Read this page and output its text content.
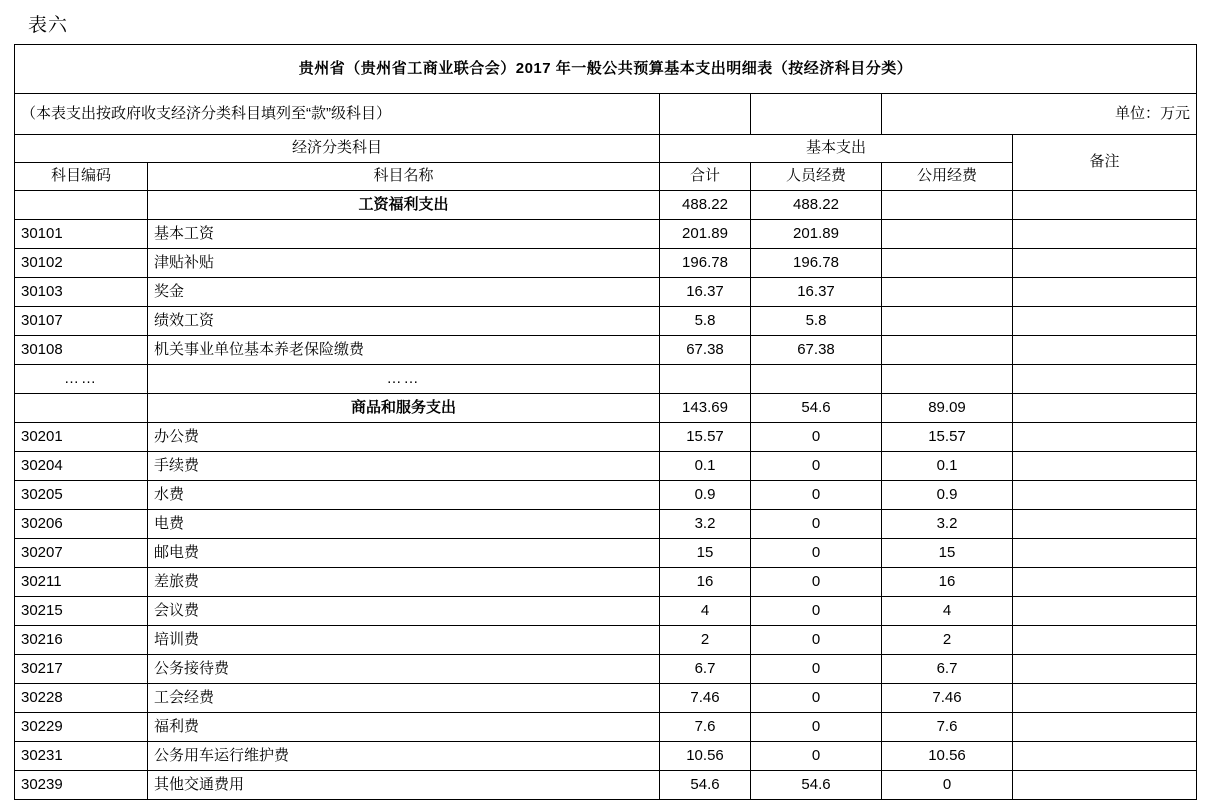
表六
贵州省（贵州省工商业联合会）2017 年一般公共预算基本支出明细表（按经济科目分类）					
（本表支出按政府收支经济分类科目填列至“款”级科目）				单位：万元	
经济分类科目		基本支出			备注
科目编码	科目名称	合计	人员经费	公用经费	
	工资福利支出	488.22	488.22		
30101	基本工资	201.89	201.89		
30102	津贴补贴	196.78	196.78		
30103	奖金	16.37	16.37		
30107	绩效工资	5.8	5.8		
30108	机关事业单位基本养老保险缴费	67.38	67.38		
……	……				
	商品和服务支出	143.69	54.6	89.09	
30201	办公费	15.57	0	15.57	
30204	手续费	0.1	0	0.1	
30205	水费	0.9	0	0.9	
30206	电费	3.2	0	3.2	
30207	邮电费	15	0	15	
30211	差旅费	16	0	16	
30215	会议费	4	0	4	
30216	培训费	2	0	2	
30217	公务接待费	6.7	0	6.7	
30228	工会经费	7.46	0	7.46	
30229	福利费	7.6	0	7.6	
30231	公务用车运行维护费	10.56	0	10.56	
30239	其他交通费用	54.6	54.6	0	
